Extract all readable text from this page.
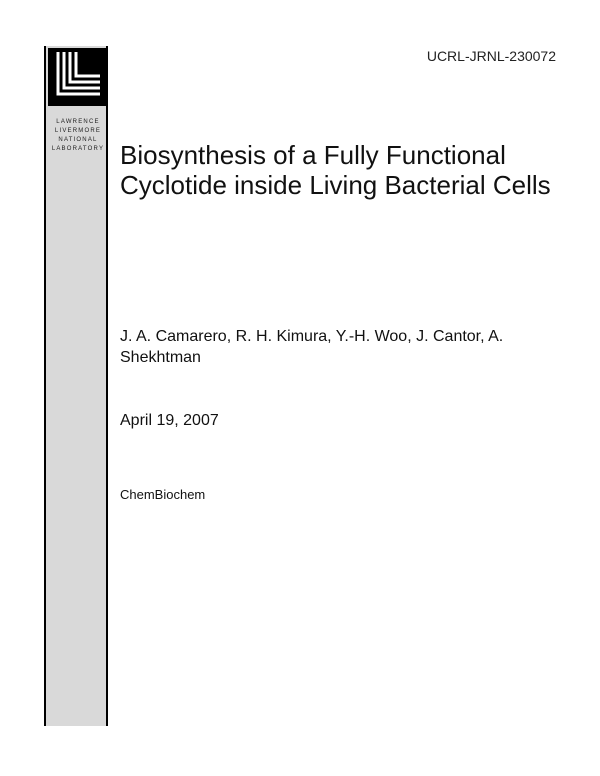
LAWRENCE
LIVERMORE
NATIONAL
LABORATORY
UCRL-JRNL-230072
Biosynthesis of a Fully Functional Cyclotide inside Living Bacterial Cells
J. A. Camarero, R. H. Kimura, Y.-H. Woo, J. Cantor, A. Shekhtman
April 19, 2007
ChemBiochem
